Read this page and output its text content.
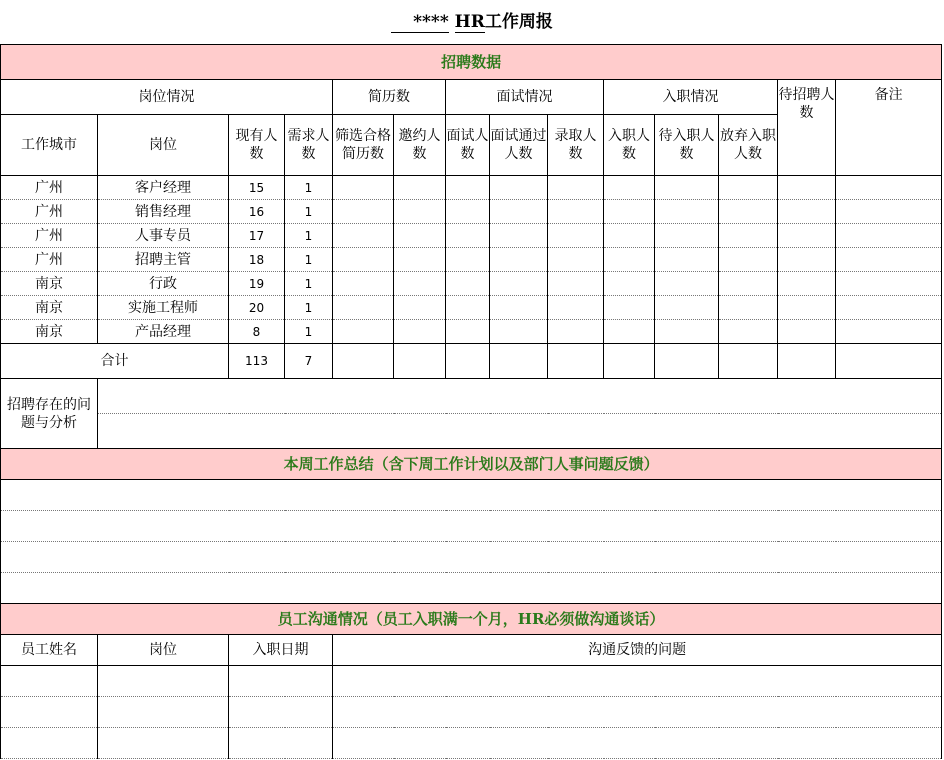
**** HR工作周报
招聘数据													
岗位情况				简历数		面试情况			入职情况			待招聘人数	备注
工作城市	岗位	现有人数	需求人数	筛选合格简历数	邀约人数	面试人数	面试通过人数	录取人数	入职人数	待入职人数	放弃入职人数		
广州	客户经理	15	1										
广州	销售经理	16	1										
广州	人事专员	17	1										
广州	招聘主管	18	1										
南京	行政	19	1										
南京	实施工程师	20	1										
南京	产品经理	8	1										
合计		113	7										
招聘存在的问题与分析													

本周工作总结（含下周工作计划以及部门人事问题反馈）													

员工沟通情况（员工入职满一个月，HR必须做沟通谈话）													
员工姓名	岗位	入职日期		沟通反馈的问题									
